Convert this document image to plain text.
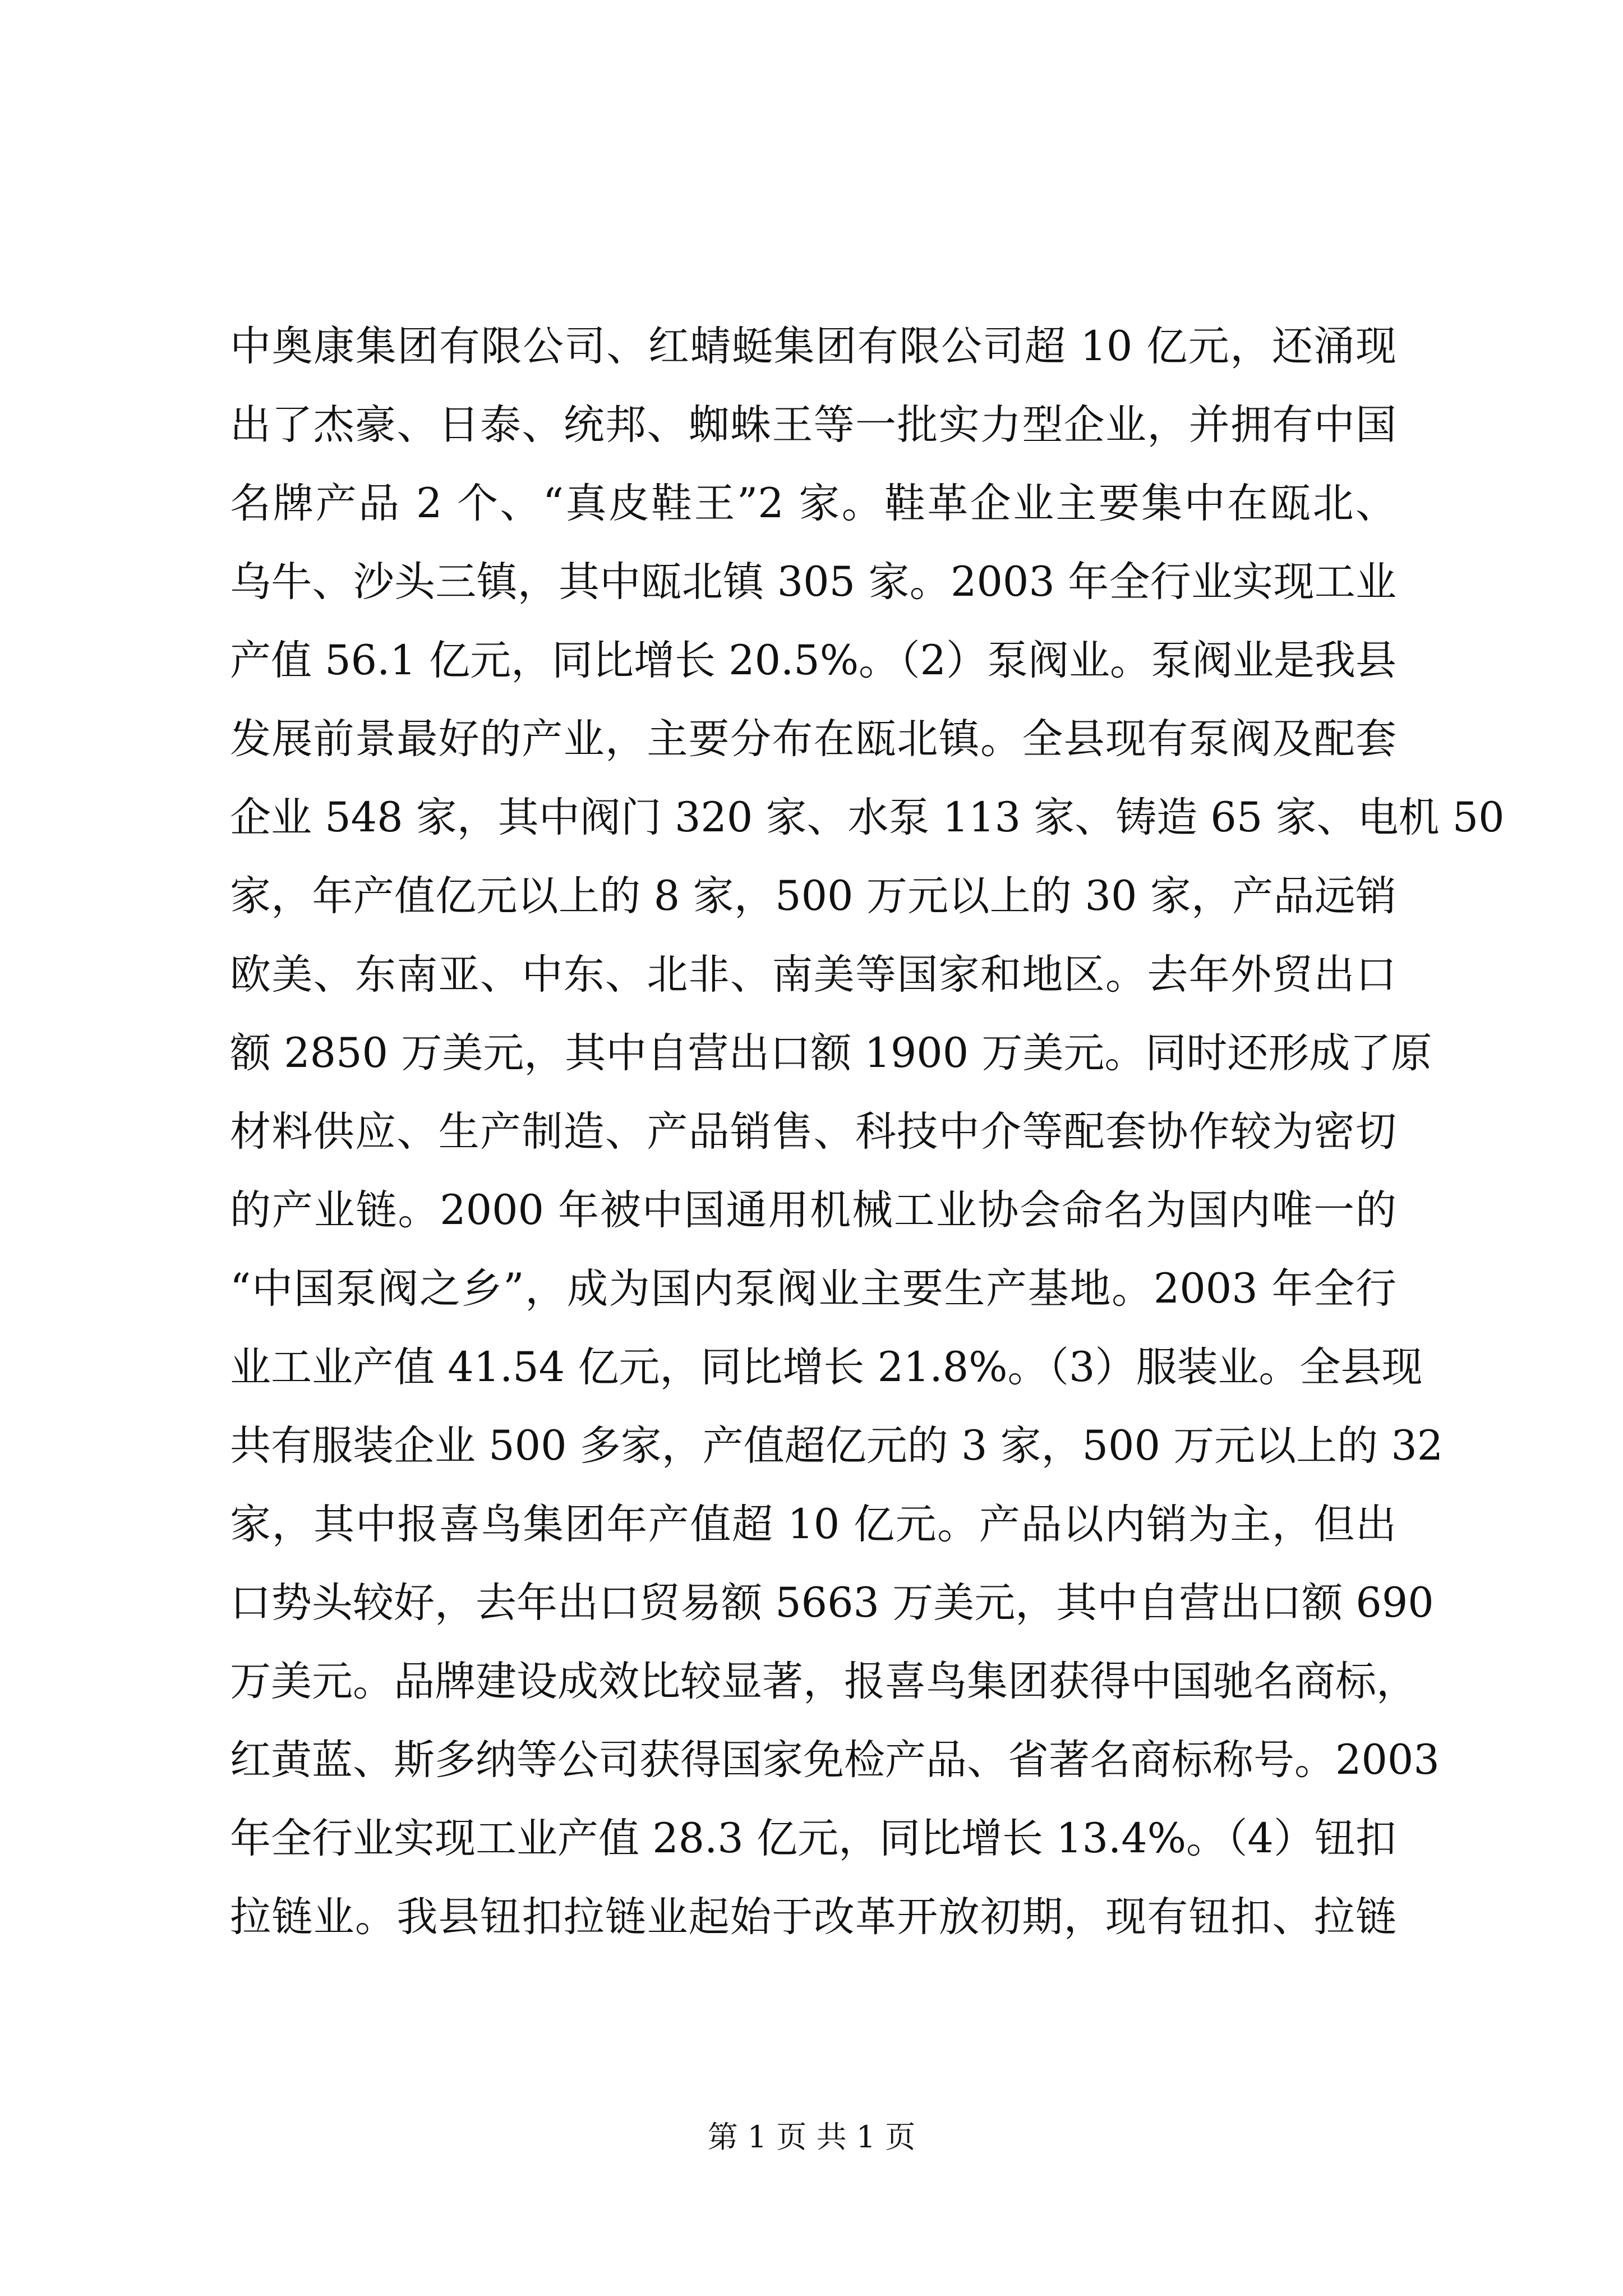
中奥康集团有限公司、红蜻蜓集团有限公司超 10 亿元，还涌现
出了杰豪、日泰、统邦、蜘蛛王等一批实力型企业，并拥有中国
名牌产品 2 个、“真皮鞋王”2 家。鞋革企业主要集中在瓯北、
乌牛、沙头三镇，其中瓯北镇 305 家。2003 年全行业实现工业
产值 56.1 亿元，同比增长 20.5%。（2）泵阀业。泵阀业是我县
发展前景最好的产业，主要分布在瓯北镇。全县现有泵阀及配套
企业 548 家，其中阀门 320 家、水泵 113 家、铸造 65 家、电机 50
家，年产值亿元以上的 8 家，500 万元以上的 30 家，产品远销
欧美、东南亚、中东、北非、南美等国家和地区。去年外贸出口
额 2850 万美元，其中自营出口额 1900 万美元。同时还形成了原
材料供应、生产制造、产品销售、科技中介等配套协作较为密切
的产业链。2000 年被中国通用机械工业协会命名为国内唯一的
“中国泵阀之乡”，成为国内泵阀业主要生产基地。2003 年全行
业工业产值 41.54 亿元，同比增长 21.8%。（3）服装业。全县现
共有服装企业 500 多家，产值超亿元的 3 家，500 万元以上的 32
家，其中报喜鸟集团年产值超 10 亿元。产品以内销为主，但出
口势头较好，去年出口贸易额 5663 万美元，其中自营出口额 690
万美元。品牌建设成效比较显著，报喜鸟集团获得中国驰名商标，
红黄蓝、斯多纳等公司获得国家免检产品、省著名商标称号。2003
年全行业实现工业产值 28.3 亿元，同比增长 13.4%。（4）钮扣
拉链业。我县钮扣拉链业起始于改革开放初期，现有钮扣、拉链
第 1 页 共 1 页
